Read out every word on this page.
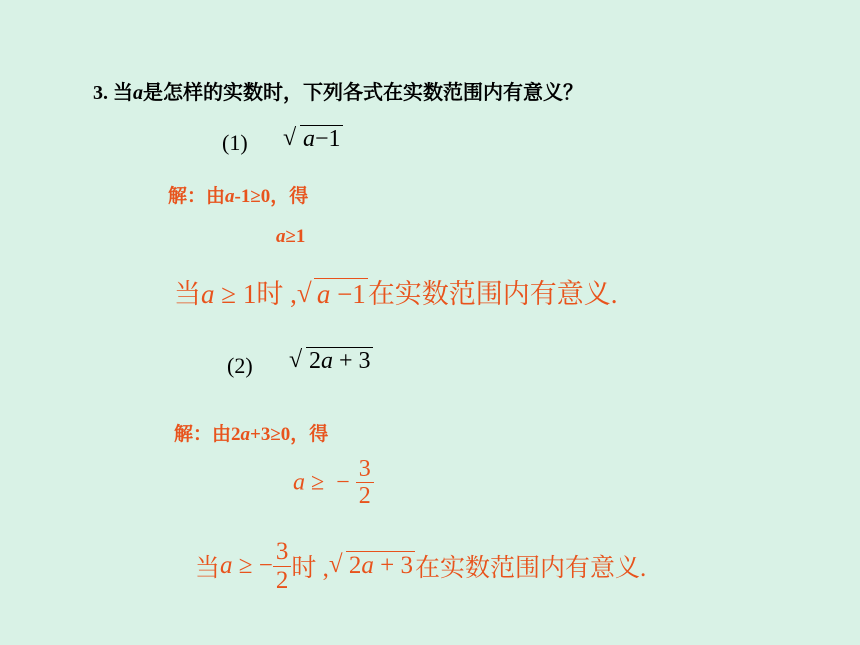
3. 当a是怎样的实数时，下列各式在实数范围内有意义？
(1) √ a−1
解：由a-1≥0，得
a≥1
当a ≥ 1时 , √ a −1在实数范围内有意义.
(2) √ 2a + 3
解：由2a+3≥0，得
a ≥  − $\frac{3}{2}$
当a ≥ − $\frac{3}{2}$ 时 , √ 2a + 3在实数范围内有意义.
